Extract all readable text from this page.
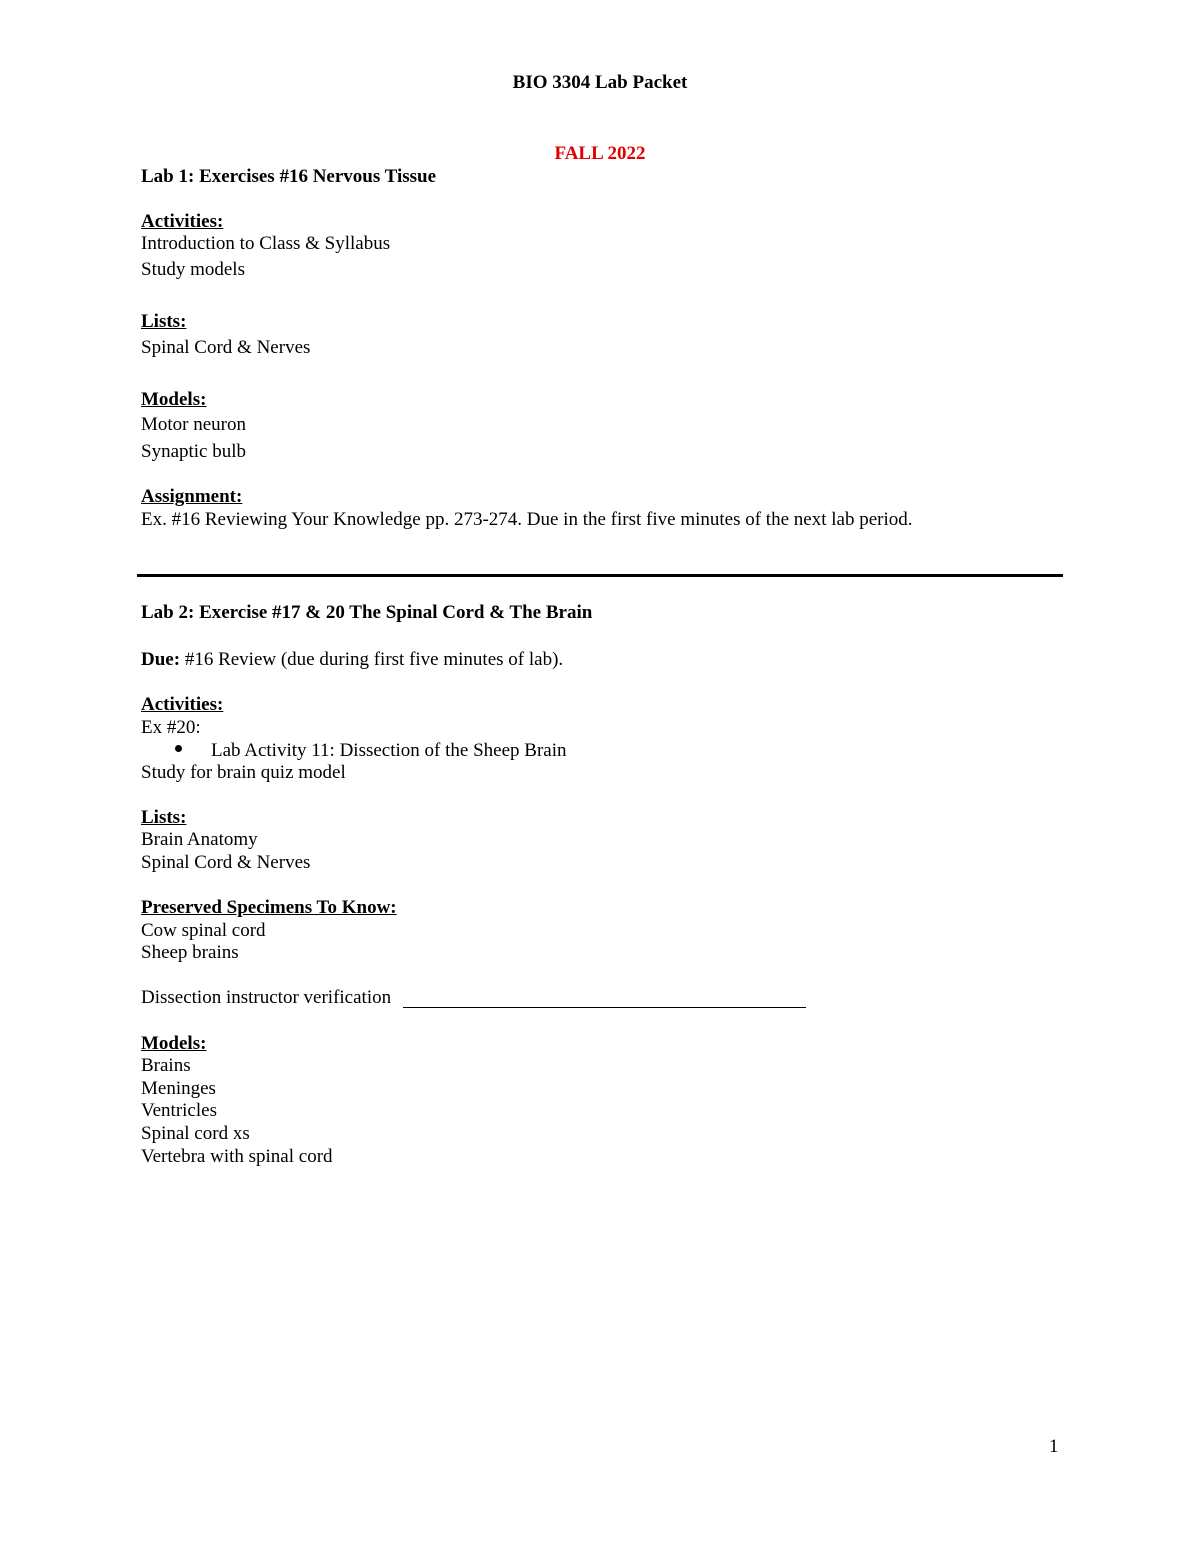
BIO 3304 Lab Packet
FALL 2022
Lab 1: Exercises #16 Nervous Tissue
Activities:
Introduction to Class & Syllabus
Study models
Lists:
Spinal Cord & Nerves
Models:
Motor neuron
Synaptic bulb
Assignment:
Ex. #16 Reviewing Your Knowledge pp. 273-274. Due in the first five minutes of the next lab period.
Lab 2: Exercise #17 & 20 The Spinal Cord & The Brain
Due: #16 Review (due during first five minutes of lab).
Activities:
Ex #20:
Lab Activity 11: Dissection of the Sheep Brain
Study for brain quiz model
Lists:
Brain Anatomy
Spinal Cord & Nerves
Preserved Specimens To Know:
Cow spinal cord
Sheep brains
Dissection instructor verification
Models:
Brains
Meninges
Ventricles
Spinal cord xs
Vertebra with spinal cord
1
